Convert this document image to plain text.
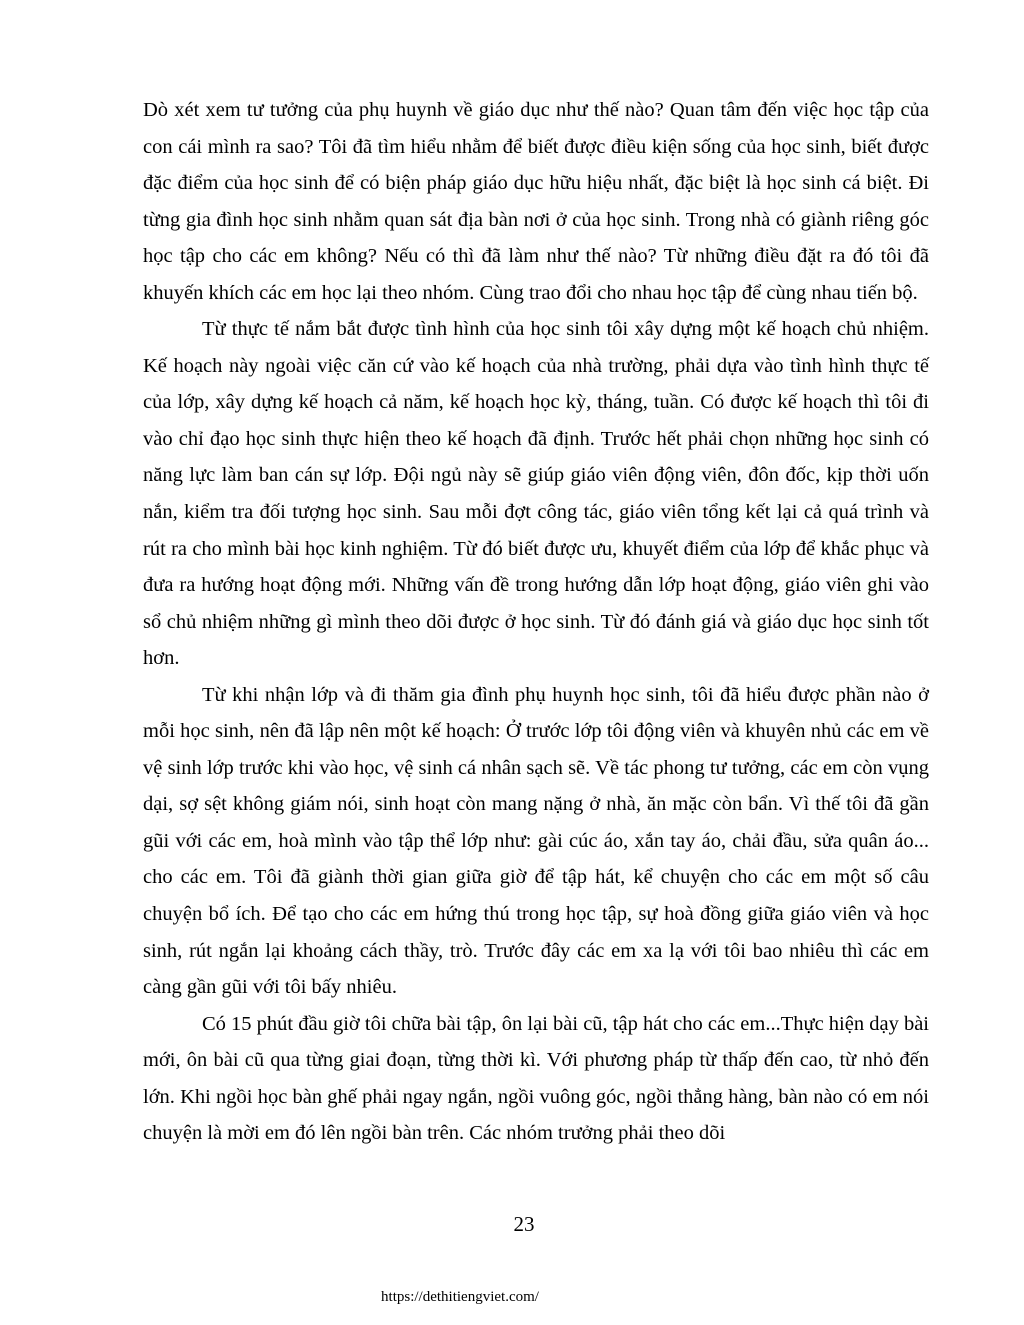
Dò xét xem tư tưởng của phụ huynh về giáo dục như thế nào? Quan tâm đến việc học tập của con cái mình ra sao? Tôi đã tìm hiểu nhằm để biết được điều kiện sống của học sinh, biết được đặc điểm của học sinh để có biện pháp giáo dục hữu hiệu nhất, đặc biệt là học sinh cá biệt. Đi từng gia đình học sinh nhằm quan sát địa bàn nơi ở của học sinh. Trong nhà có giành riêng góc học tập cho các em không? Nếu có thì đã làm như thế nào? Từ những điều đặt ra đó tôi đã khuyến khích các em học lại theo nhóm. Cùng trao đổi cho nhau học tập để cùng nhau tiến bộ.

Từ thực tế nắm bắt được tình hình của học sinh tôi xây dựng một kế hoạch chủ nhiệm. Kế hoạch này ngoài việc căn cứ vào kế hoạch của nhà trường, phải dựa vào tình hình thực tế của lớp, xây dựng kế hoạch cả năm, kế hoạch học kỳ, tháng, tuần. Có được kế hoạch thì tôi đi vào chỉ đạo học sinh thực hiện theo kế hoạch đã định. Trước hết phải chọn những học sinh có năng lực làm ban cán sự lớp. Đội ngủ này sẽ giúp giáo viên động viên, đôn đốc, kịp thời uốn nắn, kiểm tra đối tượng học sinh. Sau mỗi đợt công tác, giáo viên tổng kết lại cả quá trình và rút ra cho mình bài học kinh nghiệm. Từ đó biết được ưu, khuyết điểm của lớp để khắc phục và đưa ra hướng hoạt động mới. Những vấn đề trong hướng dẫn lớp hoạt động, giáo viên ghi vào sổ chủ nhiệm những gì mình theo dõi được ở học sinh. Từ đó đánh giá và giáo dục học sinh tốt hơn.

Từ khi nhận lớp và đi thăm gia đình phụ huynh học sinh, tôi đã hiểu được phần nào ở mỗi học sinh, nên đã lập nên một kế hoạch: Ở trước lớp tôi động viên và khuyên nhủ các em về vệ sinh lớp trước khi vào học, vệ sinh cá nhân sạch sẽ. Về tác phong tư tưởng, các em còn vụng dại, sợ sệt không giám nói, sinh hoạt còn mang nặng ở nhà, ăn mặc còn bẩn. Vì thế tôi đã gần gũi với các em, hoà mình vào tập thể lớp như: gài cúc áo, xắn tay áo, chải đầu, sửa quân áo... cho các em. Tôi đã giành thời gian giữa giờ để tập hát, kể chuyện cho các em một số câu chuyện bổ ích. Để tạo cho các em hứng thú trong học tập, sự hoà đồng giữa giáo viên và học sinh, rút ngắn lại khoảng cách thầy, trò. Trước đây các em xa lạ với tôi bao nhiêu thì các em càng gần gũi với tôi bấy nhiêu.

Có 15 phút đầu giờ tôi chữa bài tập, ôn lại bài cũ, tập hát cho các em...Thực hiện dạy bài mới, ôn bài cũ qua từng giai đoạn, từng thời kì. Với phương pháp từ thấp đến cao, từ nhỏ đến lớn. Khi ngồi học bàn ghế phải ngay ngắn, ngồi vuông góc, ngồi thẳng hàng, bàn nào có em nói chuyện là mời em đó lên ngồi bàn trên. Các nhóm trưởng phải theo dõi

23
https://dethitiengviet.com/
